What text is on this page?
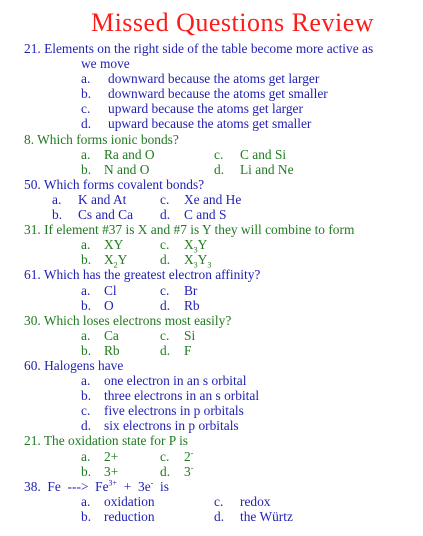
Missed Questions Review
21. Elements on the right side of the table become more active as
we move
a. downward because the atoms get larger
b. downward because the atoms get smaller
c. upward because the atoms get larger
d. upward because the atoms get smaller
8. Which forms ionic bonds?
a. Ra and O	c. C and Si
b. N and O	d. Li and Ne
50. Which forms covalent bonds?
a. K and At	c. Xe and He
b. Cs and Ca d. C and S
31. If element #37 is X and #7 is Y they will combine to form
a. XY	c. $X_3Y$
b. $X_2Y$ d. $X_3Y_3$
61. Which has the greatest electron affinity?
a. Cl	c. Br
b. O	d. Rb
30. Which loses electrons most easily?
a. Ca	c. Si
b. Rb	d. F
60. Halogens have
a. one electron in an s orbital
b. three electrons in an s orbital
c. five electrons in p orbitals
d. six electrons in p orbitals
21. The oxidation state for P is
a. 2+	c. 2-
b. 3+	d. 3-
38.  Fe  --->  $Fe^{3+} + 3e^-$  is
a. oxidation	c. redox
b. reduction	d. the Würtz
